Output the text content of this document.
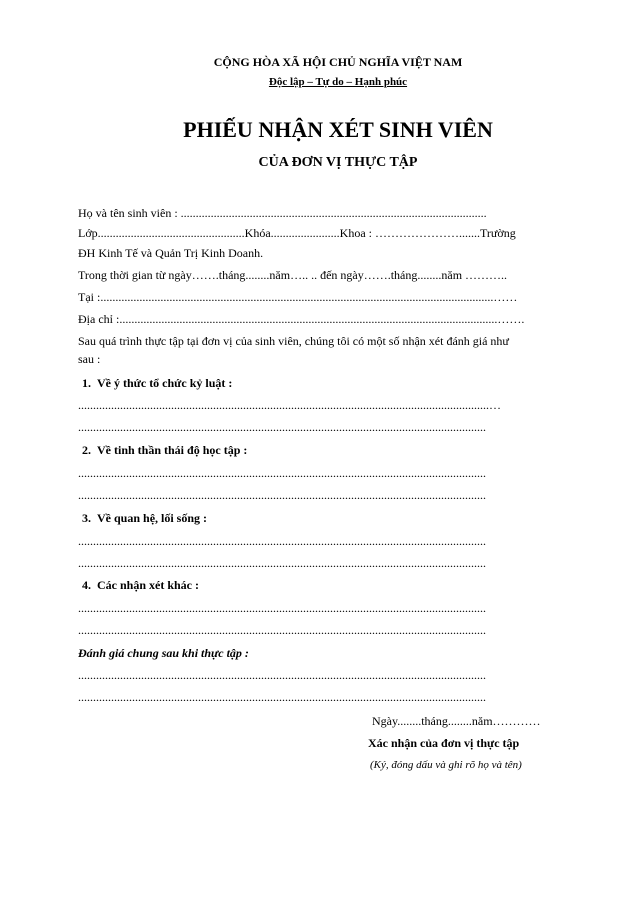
CỘNG HÒA XÃ HỘI CHỦ NGHĨA VIỆT NAM
Độc lập – Tự do – Hạnh phúc
PHIẾU NHẬN XÉT SINH VIÊN
CỦA ĐƠN VỊ THỰC TẬP
Họ và tên sinh viên : ......................................................................................................
Lớp.................................................Khóa.......................Khoa : ………………….......Trường
ĐH Kinh Tế và Quản Trị Kinh Doanh.
Trong thời gian từ ngày…….tháng........năm….. .. đến ngày…….tháng........năm ………..
Tại :...................................................................................................................................……
Địa chỉ :..............................................................................................................................…….
Sau quá trình thực tập tại đơn vị của sinh viên, chúng tôi có một số nhận xét đánh giá như
sau :
1. Về ý thức tổ chức kỷ luật :
.........................................................................................................................................…
........................................................................................................................................
2. Về tinh thần thái độ học tập :
........................................................................................................................................
........................................................................................................................................
3. Về quan hệ, lối sống :
........................................................................................................................................
........................................................................................................................................
4. Các nhận xét khác :
........................................................................................................................................
........................................................................................................................................
Đánh giá chung sau khi thực tập :
........................................................................................................................................
........................................................................................................................................
Ngày........tháng........năm…………
Xác nhận của đơn vị thực tập
(Ký, đóng dấu và ghi rõ họ và tên)
